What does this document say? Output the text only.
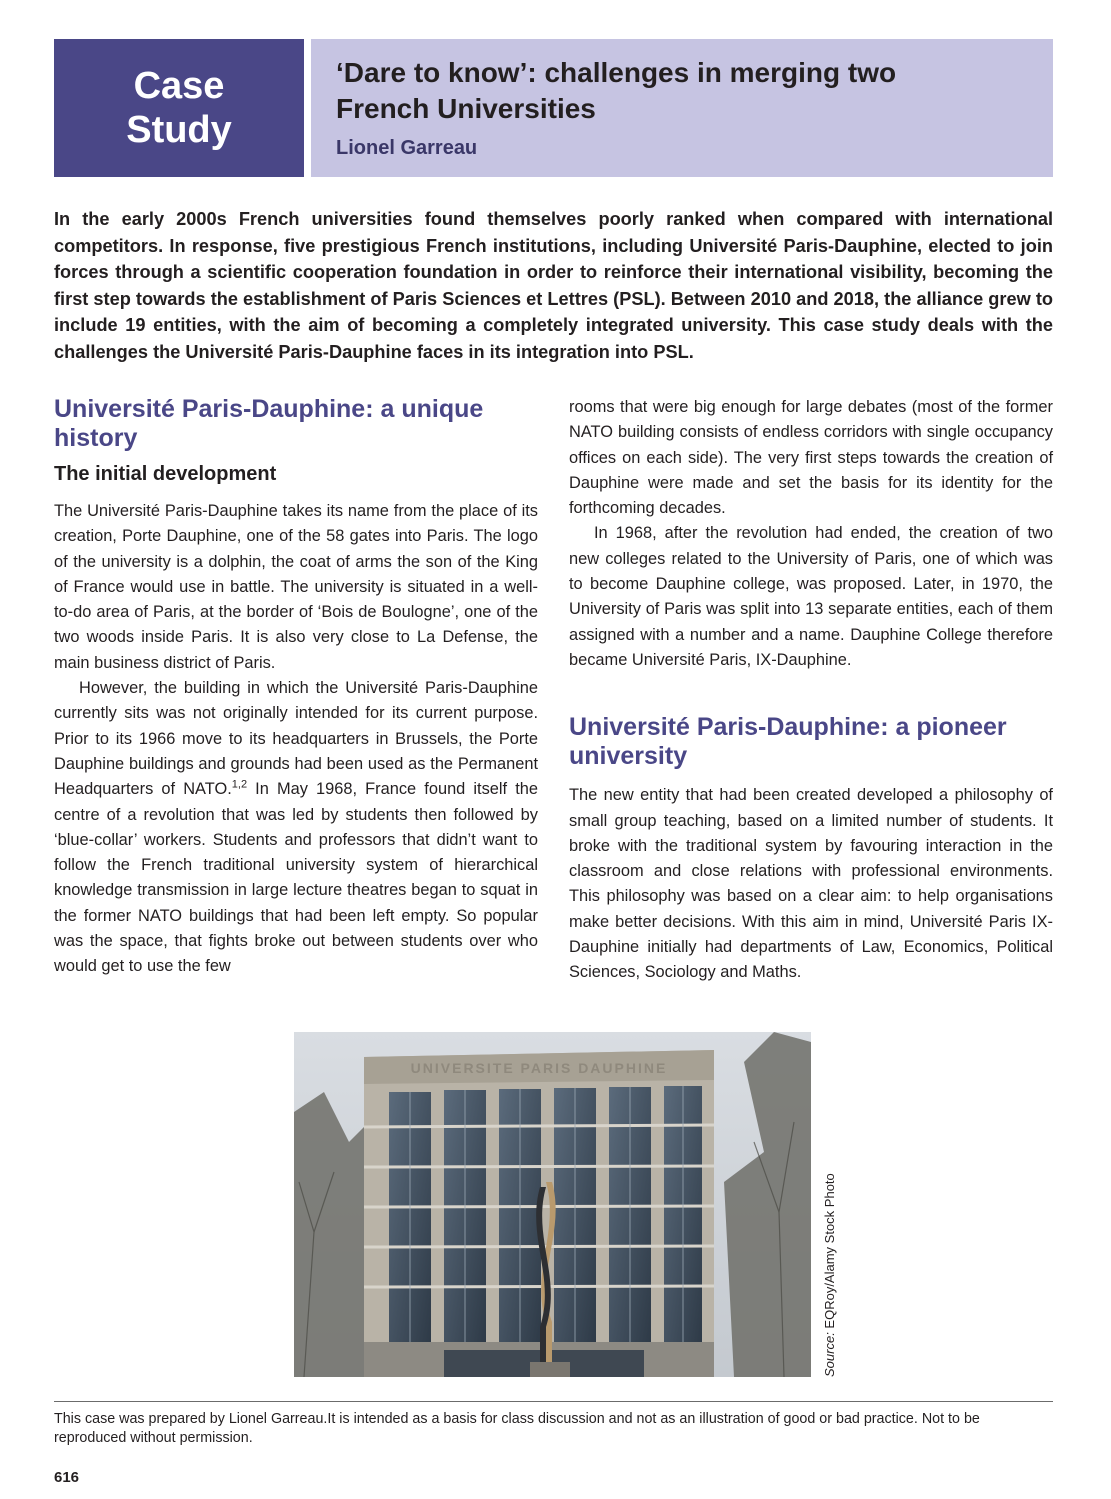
Case
Study
‘Dare to know’: challenges in merging two
French Universities
Lionel Garreau

In the early 2000s French universities found themselves poorly ranked when compared with international competitors. In response, five prestigious French institutions, including Université Paris-Dauphine, elected to join forces through a scientific cooperation foundation in order to reinforce their international visibility, becoming the first step towards the establishment of Paris Sciences et Lettres (PSL). Between 2010 and 2018, the alliance grew to include 19 entities, with the aim of becoming a completely integrated university. This case study deals with the challenges the Université Paris-Dauphine faces in its integration into PSL.

Université Paris-Dauphine: a unique history
The initial development

The Université Paris-Dauphine takes its name from the place of its creation, Porte Dauphine, one of the 58 gates into Paris. The logo of the university is a dolphin, the coat of arms the son of the King of France would use in battle. The university is situated in a well-to-do area of Paris, at the border of ‘Bois de Boulogne’, one of the two woods inside Paris. It is also very close to La Defense, the main business district of Paris.

However, the building in which the Université Paris-Dauphine currently sits was not originally intended for its current purpose. Prior to its 1966 move to its headquarters in Brussels, the Porte Dauphine buildings and grounds had been used as the Permanent Headquarters of NATO.$^{1,2}$ In May 1968, France found itself the centre of a revolution that was led by students then followed by ‘blue-collar’ workers. Students and professors that didn’t want to follow the French traditional university system of hierarchical knowledge transmission in large lecture theatres began to squat in the former NATO buildings that had been left empty. So popular was the space, that fights broke out between students over who would get to use the few

rooms that were big enough for large debates (most of the former NATO building consists of endless corridors with single occupancy offices on each side). The very first steps towards the creation of Dauphine were made and set the basis for its identity for the forthcoming decades.

In 1968, after the revolution had ended, the creation of two new colleges related to the University of Paris, one of which was to become Dauphine college, was proposed. Later, in 1970, the University of Paris was split into 13 separate entities, each of them assigned with a number and a name. Dauphine College therefore became Université Paris, IX-Dauphine.

Université Paris-Dauphine: a pioneer university

The new entity that had been created developed a philosophy of small group teaching, based on a limited number of students. It broke with the traditional system by favouring interaction in the classroom and close relations with professional environments. This philosophy was based on a clear aim: to help organisations make better decisions. With this aim in mind, Université Paris IX-Dauphine initially had departments of Law, Economics, Political Sciences, Sociology and Maths.

UNIVERSITE PARIS DAUPHINE
Source: EQRoy/Alamy Stock Photo
This case was prepared by Lionel Garreau.It is intended as a basis for class discussion and not as an illustration of good or bad practice. Not to be reproduced without permission.
616
